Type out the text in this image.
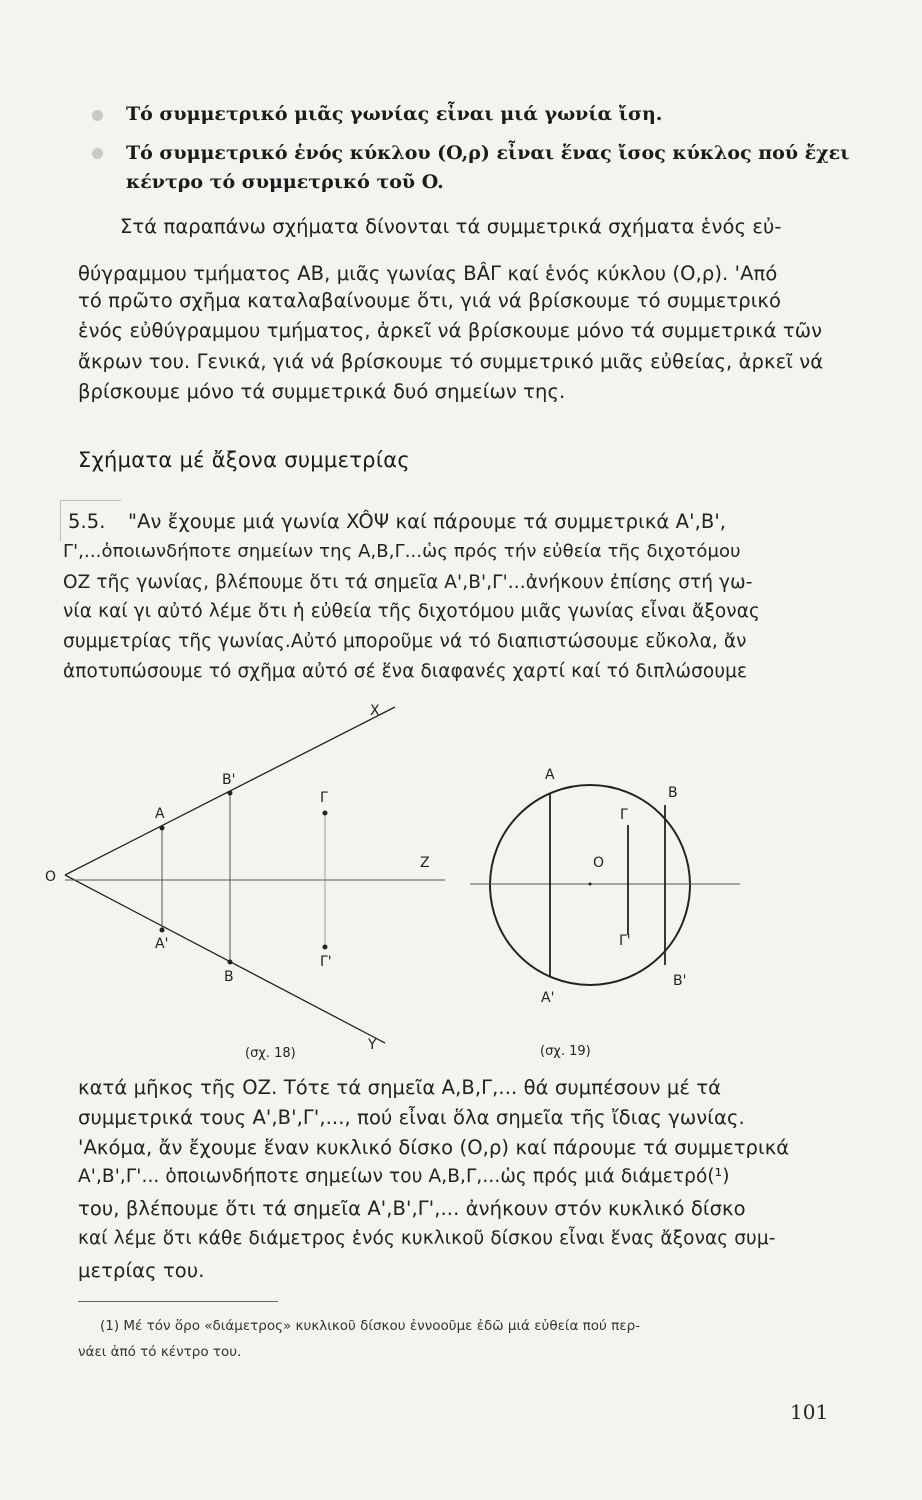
Τό συμμετρικό μιᾶς γωνίας εἶναι μιά γωνία ἴση.
Τό συμμετρικό ἑνός κύκλου (O,ρ) εἶναι ἕνας ἴσος κύκλος πού ἔχει
κέντρο τό συμμετρικό τοῦ O.
Στά παραπάνω σχήματα δίνονται τά συμμετρικά σχήματα ἑνός εὐ-
θύγραμμου τμήματος AB, μιᾶς γωνίας BÂΓ καί ἑνός κύκλου (O,ρ). 'Από
τό πρῶτο σχῆμα καταλαβαίνουμε ὅτι, γιά νά βρίσκουμε τό συμμετρικό
ἑνός εὐθύγραμμου τμήματος, ἀρκεῖ νά βρίσκουμε μόνο τά συμμετρικά τῶν
ἄκρων του. Γενικά, γιά νά βρίσκουμε τό συμμετρικό μιᾶς εὐθείας, ἀρκεῖ νά
βρίσκουμε μόνο τά συμμετρικά δυό σημείων της.
Σχήματα μέ ἄξονα συμμετρίας
5.5. "Αν ἔχουμε μιά γωνία XÔΨ καί πάρουμε τά συμμετρικά A',B',
Γ',...ὁποιωνδήποτε σημείων της A,B,Γ...ὡς πρός τήν εὐθεία τῆς διχοτόμου
OZ τῆς γωνίας, βλέπουμε ὅτι τά σημεῖα A',B',Γ'...ἀνήκουν ἐπίσης στή γω-
νία καί γι αὐτό λέμε ὅτι ἡ εὐθεία τῆς διχοτόμου μιᾶς γωνίας εἶναι ἄξονας
συμμετρίας τῆς γωνίας.Αὐτό μποροῦμε νά τό διαπιστώσουμε εὔκολα, ἄν
ἀποτυπώσουμε τό σχῆμα αὐτό σέ ἕνα διαφανές χαρτί καί τό διπλώσουμε
X
Y
O
Z
A
A'
B
B'
Γ
Γ'
(σχ. 18)
A
A'
B
B'
Γ
Γ'
O
(σχ. 19)
κατά μῆκος τῆς OZ. Τότε τά σημεῖα A,B,Γ,... θά συμπέσουν μέ τά
συμμετρικά τους A',B',Γ',..., πού εἶναι ὅλα σημεῖα τῆς ἴδιας γωνίας.
'Ακόμα, ἄν ἔχουμε ἕναν κυκλικό δίσκο (O,ρ) καί πάρουμε τά συμμετρικά
A',B',Γ'... ὁποιωνδήποτε σημείων του A,B,Γ,...ὡς πρός μιά διάμετρό(¹)
του, βλέπουμε ὅτι τά σημεῖα A',B',Γ',... ἀνήκουν στόν κυκλικό δίσκο
καί λέμε ὅτι κάθε διάμετρος ἑνός κυκλικοῦ δίσκου εἶναι ἕνας ἄξονας συμ-
μετρίας του.
(1) Μέ τόν ὅρο «διάμετρος» κυκλικοῦ δίσκου ἐννοοῦμε ἐδῶ μιά εὐθεία πού περ-
νάει ἀπό τό κέντρο του.
101
